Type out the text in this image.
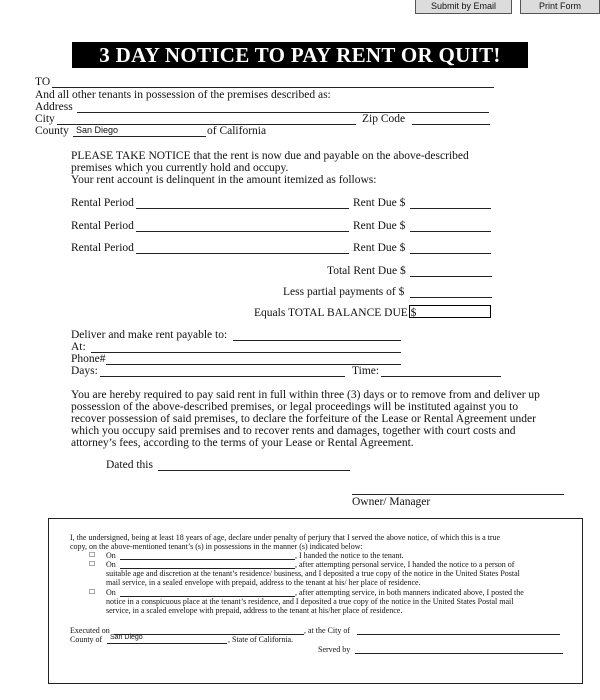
Submit by Email	Print Form
3 DAY NOTICE TO PAY RENT OR QUIT!
TO
And all other tenants in possession of the premises described as:
Address
City	Zip Code
County San Diego	of California
PLEASE TAKE NOTICE that the rent is now due and payable on the above-described
premises which you currently hold and occupy.
Your rent account is delinquent in the amount itemized as follows:
Rental Period	Rent Due $
Rental Period	Rent Due $
Rental Period	Rent Due $
Total Rent Due $
Less partial payments of $
Equals TOTAL BALANCE DUE $
Deliver and make rent payable to:
At:
Phone#
Days:	Time:
You are hereby required to pay said rent in full within three (3) days or to remove from and deliver up
possession of the above-described premises, or legal proceedings will be instituted against you to
recover possession of said premises, to declare the forfeiture of the Lease or Rental Agreement under
which you occupy said premises and to recover rents and damages, together with court costs and
attorney’s fees, according to the terms of your Lease or Rental Agreement.
Dated this
Owner/ Manager
I, the undersigned, being at least 18 years of age, declare under penalty of perjury that I served the above notice, of which this is a true
copy, on the above-mentioned tenant’s (s) in possessions in the manner (s) indicated below:
☐ On	, I handed the notice to the tenant.
☐ On	, after attempting personal service, I handed the notice to a person of
suitable age and discretion at the tenant’s residence/ business, and I deposited a true copy of the notice in the United States Postal
mail service, in a sealed envelope with prepaid, address to the tenant at his/ her place of residence.
☐ On	, after attempting service, in both manners indicated above, I posted the
notice in a conspicuous place at the tenant’s residence, and I deposited a true copy of the notice in the United States Postal mail
service, in a scaled envelope with prepaid, address to the tenant at his/her place of residence.
Executed on	, at the City of
County of San Diego	, State of California.
Served by
